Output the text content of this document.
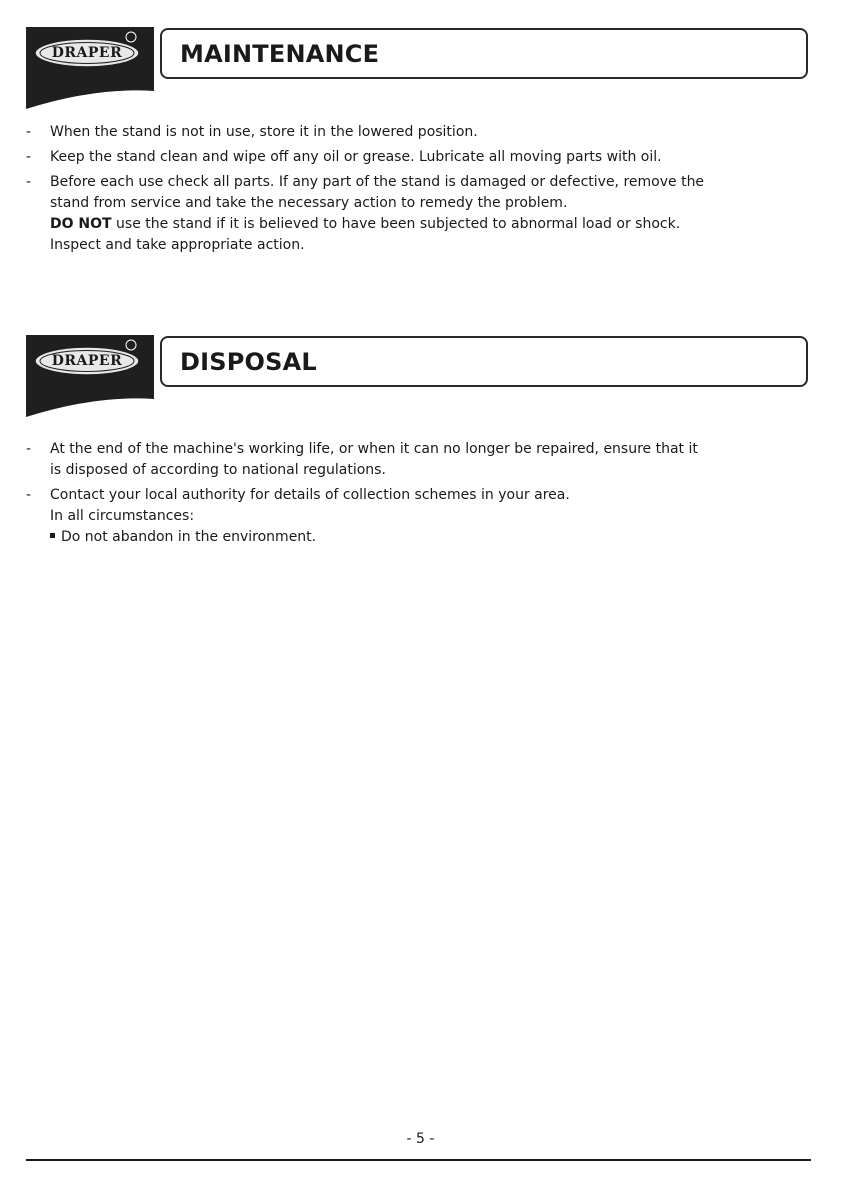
DRAPER	MAINTENANCE
- When the stand is not in use, store it in the lowered position.
- Keep the stand clean and wipe off any oil or grease. Lubricate all moving parts with oil.
- Before each use check all parts. If any part of the stand is damaged or defective, remove the
stand from service and take the necessary action to remedy the problem.
DO NOT use the stand if it is believed to have been subjected to abnormal load or shock.
Inspect and take appropriate action.
DRAPER	DISPOSAL
- At the end of the machine's working life, or when it can no longer be repaired, ensure that it
is disposed of according to national regulations.
- Contact your local authority for details of collection schemes in your area.
In all circumstances:
Do not abandon in the environment.
- 5 -
